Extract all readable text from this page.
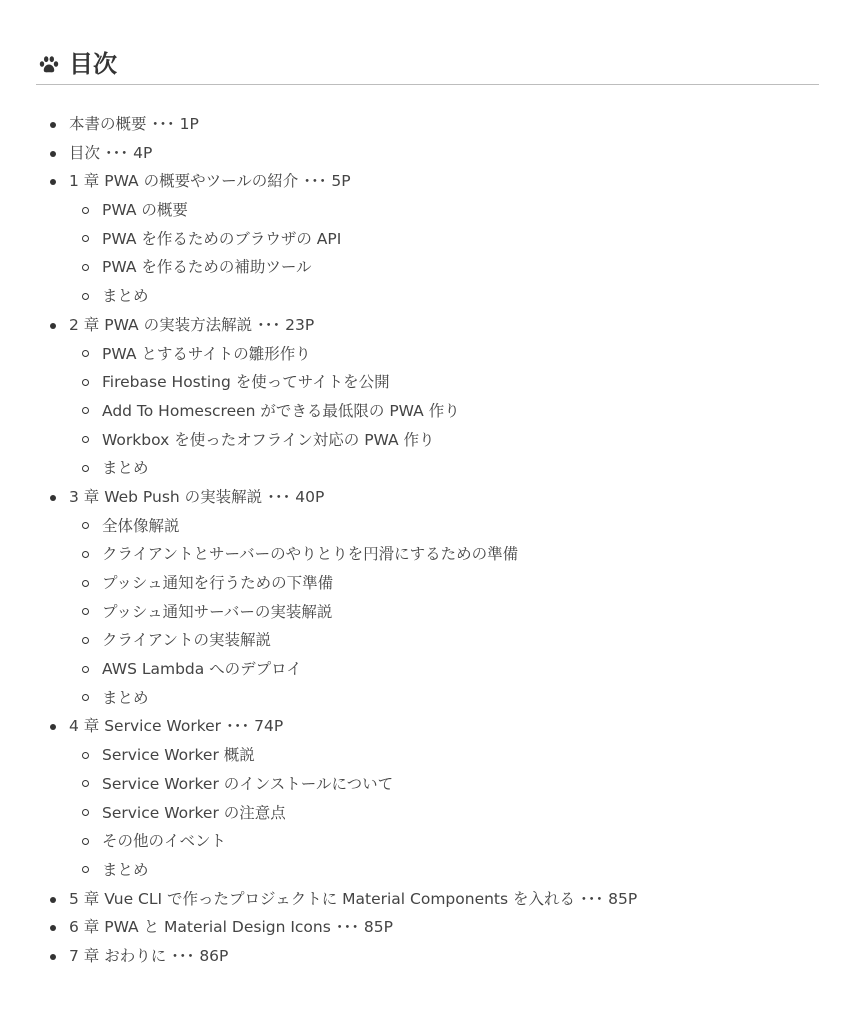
目次
本書の概要 ･･･ 1P
目次 ･･･ 4P
1 章 PWA の概要やツールの紹介 ･･･ 5P
PWA の概要
PWA を作るためのブラウザの API
PWA を作るための補助ツール
まとめ
2 章 PWA の実装方法解説 ･･･ 23P
PWA とするサイトの雛形作り
Firebase Hosting を使ってサイトを公開
Add To Homescreen ができる最低限の PWA 作り
Workbox を使ったオフライン対応の PWA 作り
まとめ
3 章 Web Push の実装解説 ･･･ 40P
全体像解説
クライアントとサーバーのやりとりを円滑にするための準備
プッシュ通知を行うための下準備
プッシュ通知サーバーの実装解説
クライアントの実装解説
AWS Lambda へのデプロイ
まとめ
4 章 Service Worker ･･･ 74P
Service Worker 概説
Service Worker のインストールについて
Service Worker の注意点
その他のイベント
まとめ
5 章 Vue CLI で作ったプロジェクトに Material Components を入れる ･･･ 85P
6 章 PWA と Material Design Icons ･･･ 85P
7 章 おわりに ･･･ 86P
